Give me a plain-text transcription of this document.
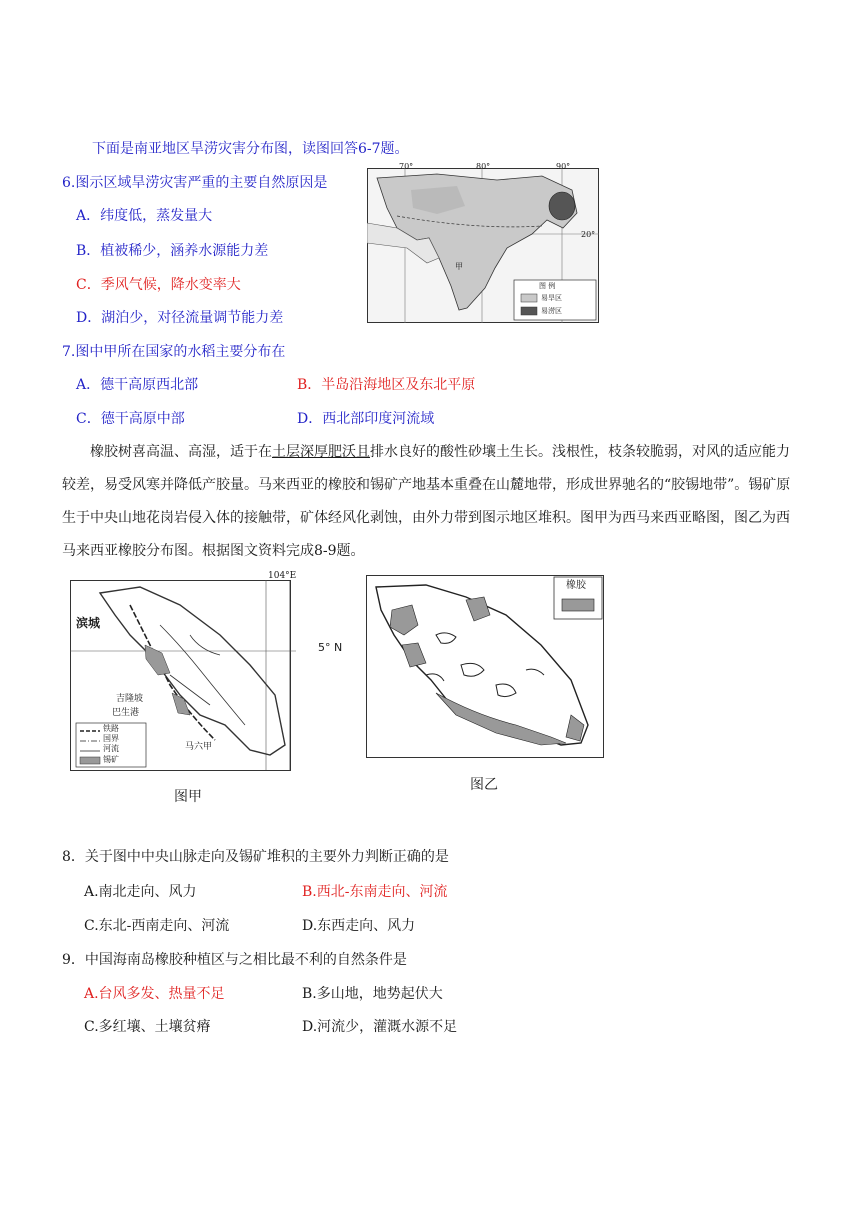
下面是南亚地区旱涝灾害分布图，读图回答6-7题。
6.图示区域旱涝灾害严重的主要自然原因是
A．纬度低，蒸发量大
B．植被稀少，涵养水源能力差
C．季风气候，降水变率大
D．湖泊少，对径流量调节能力差
70°	80°	90°
20°
甲
图 例
易旱区
易涝区
7.图中甲所在国家的水稻主要分布在
A．德干高原西北部	B．半岛沿海地区及东北平原
C．德干高原中部	D．西北部印度河流域
橡胶树喜高温、高湿，适于在土层深厚肥沃且排水良好的酸性砂壤土生长。浅根性，枝条较脆弱，对风的适应能力较差，易受风寒并降低产胶量。马来西亚的橡胶和锡矿产地基本重叠在山麓地带，形成世界驰名的“胶锡地带”。锡矿原生于中央山地花岗岩侵入体的接触带，矿体经风化剥蚀，由外力带到图示地区堆积。图甲为西马来西亚略图，图乙为西马来西亚橡胶分布图。根据图文资料完成8-9题。
104°E
5° N
滨城
吉隆坡
巴生港
马六甲
铁路
国界
河流
锡矿
图甲
橡胶
图乙
8．关于图中中央山脉走向及锡矿堆积的主要外力判断正确的是
A.南北走向、风力	B.西北-东南走向、河流
C.东北-西南走向、河流	D.东西走向、风力
9．中国海南岛橡胶种植区与之相比最不利的自然条件是
A.台风多发、热量不足	B.多山地，地势起伏大
C.多红壤、土壤贫瘠	D.河流少，灌溉水源不足
